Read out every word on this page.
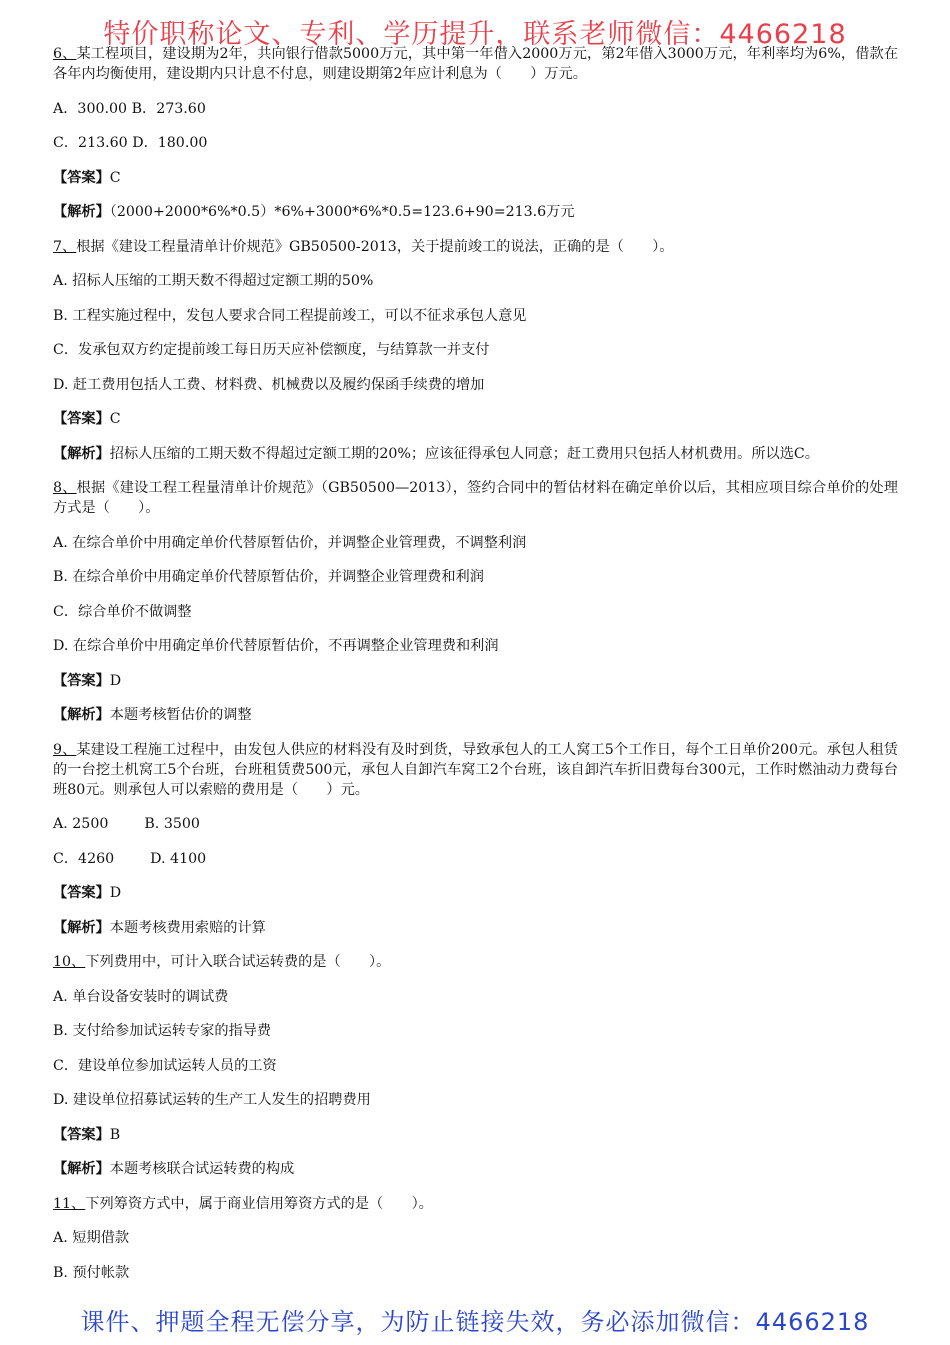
特价职称论文、专利、学历提升，联系老师微信：4466218
6、某工程项目，建设期为2年，共向银行借款5000万元，其中第一年借入2000万元，第2年借入3000万元，年利率均为6%，借款在各年内均衡使用，建设期内只计息不付息，则建设期第2年应计利息为（　　）万元。
A．300.00 B．273.60
C．213.60 D．180.00
【答案】C
【解析】（2000+2000*6%*0.5）*6%+3000*6%*0.5=123.6+90=213.6万元
7、根据《建设工程量清单计价规范》GB50500-2013，关于提前竣工的说法，正确的是（　　）。
A. 招标人压缩的工期天数不得超过定额工期的50%
B. 工程实施过程中，发包人要求合同工程提前竣工，可以不征求承包人意见
C．发承包双方约定提前竣工每日历天应补偿额度，与结算款一并支付
D. 赶工费用包括人工费、材料费、机械费以及履约保函手续费的增加
【答案】C
【解析】招标人压缩的工期天数不得超过定额工期的20%；应该征得承包人同意；赶工费用只包括人材机费用。所以选C。
8、根据《建设工程工程量清单计价规范》（GB50500—2013），签约合同中的暂估材料在确定单价以后，其相应项目综合单价的处理方式是（　　）。
A. 在综合单价中用确定单价代替原暂估价，并调整企业管理费，不调整利润
B. 在综合单价中用确定单价代替原暂估价，并调整企业管理费和利润
C．综合单价不做调整
D. 在综合单价中用确定单价代替原暂估价，不再调整企业管理费和利润
【答案】D
【解析】本题考核暂估价的调整
9、某建设工程施工过程中，由发包人供应的材料没有及时到货，导致承包人的工人窝工5个工作日，每个工日单价200元。承包人租赁的一台挖土机窝工5个台班，台班租赁费500元，承包人自卸汽车窝工2个台班，该自卸汽车折旧费每台300元，工作时燃油动力费每台班80元。则承包人可以索赔的费用是（　　）元。
A. 2500	B. 3500
C．4260	D. 4100
【答案】D
【解析】本题考核费用索赔的计算
10、下列费用中，可计入联合试运转费的是（　　）。
A. 单台设备安装时的调试费
B. 支付给参加试运转专家的指导费
C．建设单位参加试运转人员的工资
D. 建设单位招募试运转的生产工人发生的招聘费用
【答案】B
【解析】本题考核联合试运转费的构成
11、下列筹资方式中，属于商业信用筹资方式的是（　　）。
A. 短期借款
B. 预付帐款
课件、押题全程无偿分享，为防止链接失效，务必添加微信：4466218
